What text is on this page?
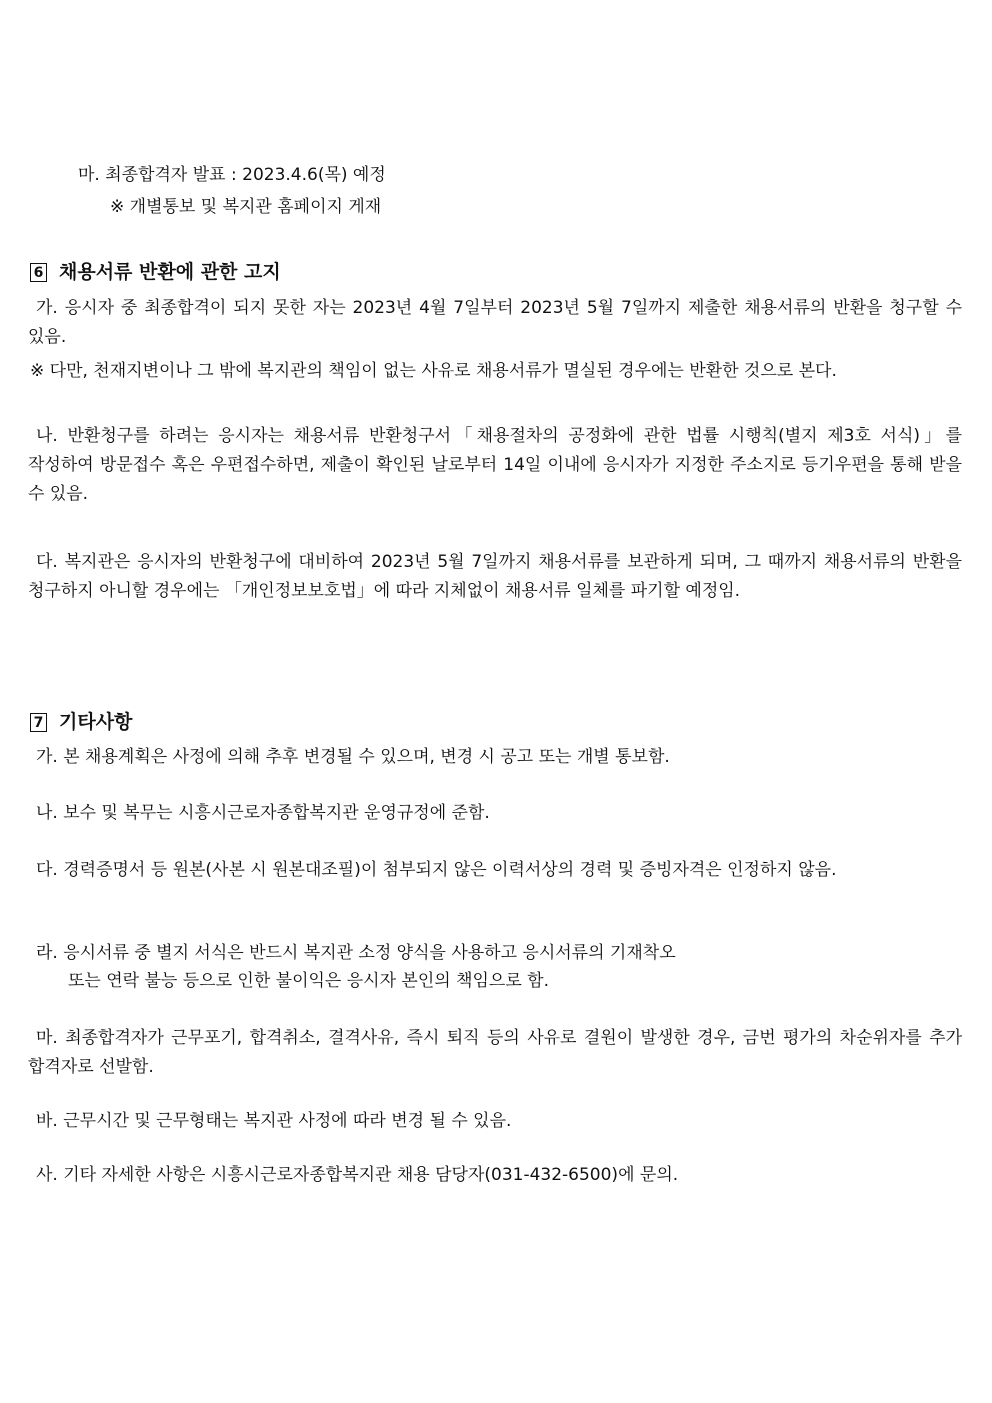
마. 최종합격자 발표 : 2023.4.6(목) 예정
※ 개별통보 및 복지관 홈페이지 게재
6 채용서류 반환에 관한 고지
가. 응시자 중 최종합격이 되지 못한 자는 2023년 4월 7일부터 2023년 5월 7일까지 제출한 채용서류의 반환을 청구할 수 있음.
※ 다만, 천재지변이나 그 밖에 복지관의 책임이 없는 사유로 채용서류가 멸실된 경우에는 반환한 것으로 본다.
나. 반환청구를 하려는 응시자는 채용서류 반환청구서「채용절차의 공정화에 관한 법률 시행칙(별지 제3호 서식)」를 작성하여 방문접수 혹은 우편접수하면, 제출이 확인된 날로부터 14일 이내에 응시자가 지정한 주소지로 등기우편을 통해 받을 수 있음.
다. 복지관은 응시자의 반환청구에 대비하여 2023년 5월 7일까지 채용서류를 보관하게 되며, 그 때까지 채용서류의 반환을 청구하지 아니할 경우에는 「개인정보보호법」에 따라 지체없이 채용서류 일체를 파기할 예정임.
7 기타사항
가. 본 채용계획은 사정에 의해 추후 변경될 수 있으며, 변경 시 공고 또는 개별 통보함.
나. 보수 및 복무는 시흥시근로자종합복지관 운영규정에 준함.
다. 경력증명서 등 원본(사본 시 원본대조필)이 첨부되지 않은 이력서상의 경력 및 증빙자격은 인정하지 않음.
라. 응시서류 중 별지 서식은 반드시 복지관 소정 양식을 사용하고 응시서류의 기재착오
또는 연락 불능 등으로 인한 불이익은 응시자 본인의 책임으로 함.
마. 최종합격자가 근무포기, 합격취소, 결격사유, 즉시 퇴직 등의 사유로 결원이 발생한 경우, 금번 평가의 차순위자를 추가 합격자로 선발함.
바. 근무시간 및 근무형태는 복지관 사정에 따라 변경 될 수 있음.
사. 기타 자세한 사항은 시흥시근로자종합복지관 채용 담당자(031-432-6500)에 문의.
